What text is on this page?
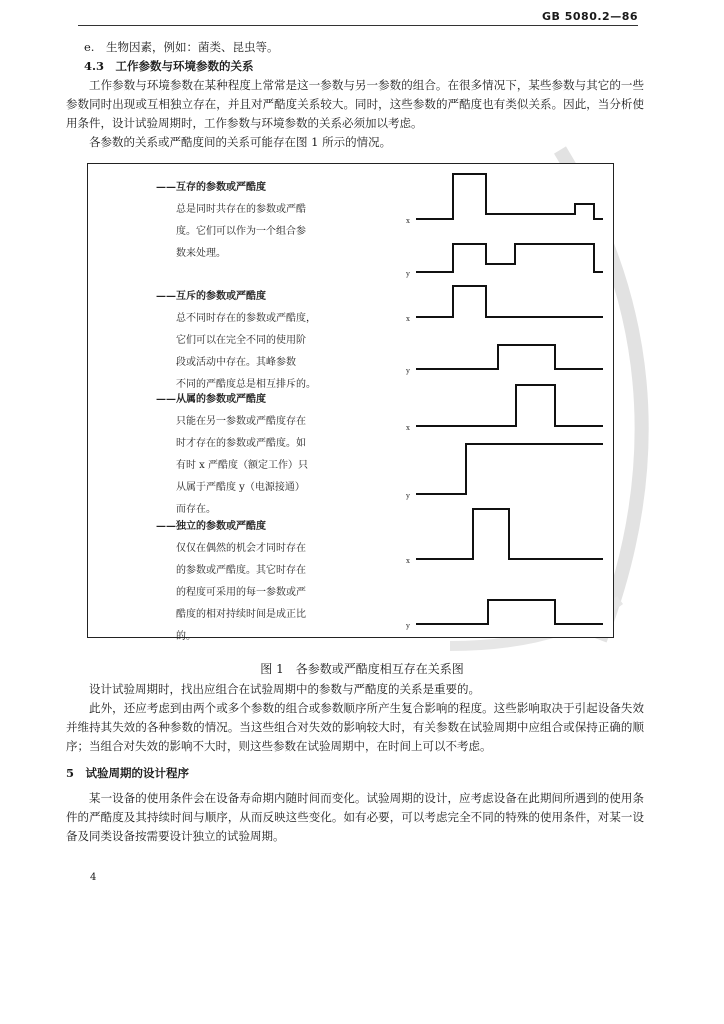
GB 5080.2—86

e.　生物因素，例如：菌类、昆虫等。

4.3　工作参数与环境参数的关系

工作参数与环境参数在某种程度上常常是这一参数与另一参数的组合。在很多情况下，某些参数与其它的一些参数同时出现或互相独立存在，并且对严酷度关系较大。同时，这些参数的严酷度也有类似关系。因此，当分析使用条件，设计试验周期时，工作参数与环境参数的关系必须加以考虑。

各参数的关系或严酷度间的关系可能存在图 1 所示的情况。

——互存的参数或严酷度
总是同时共存在的参数或严酷
度。它们可以作为一个组合参
数来处理。
——互斥的参数或严酷度
总不同时存在的参数或严酷度，
它们可以在完全不同的使用阶
段或活动中存在。其峰参数
不同的严酷度总是相互排斥的。
——从属的参数或严酷度
只能在另一参数或严酷度存在
时才存在的参数或严酷度。如
有时 x 严酷度（额定工作）只
从属于严酷度 y（电源接通）
而存在。
——独立的参数或严酷度
仅仅在偶然的机会才同时存在
的参数或严酷度。其它时存在
的程度可采用的每一参数或严
酷度的相对持续时间是成正比
的。
x
y
x
y
x
y
x
y
图 1　各参数或严酷度相互存在关系图

设计试验周期时，找出应组合在试验周期中的参数与严酷度的关系是重要的。

此外，还应考虑到由两个或多个参数的组合或参数顺序所产生复合影响的程度。这些影响取决于引起设备失效并维持其失效的各种参数的情况。当这些组合对失效的影响较大时，有关参数在试验周期中应组合或保持正确的顺序；当组合对失效的影响不大时，则这些参数在试验周期中，在时间上可以不考虑。

5　试验周期的设计程序

某一设备的使用条件会在设备寿命期内随时间而变化。试验周期的设计，应考虑设备在此期间所遇到的使用条件的严酷度及其持续时间与顺序，从而反映这些变化。如有必要，可以考虑完全不同的特殊的使用条件，对某一设备及同类设备按需要设计独立的试验周期。

4
